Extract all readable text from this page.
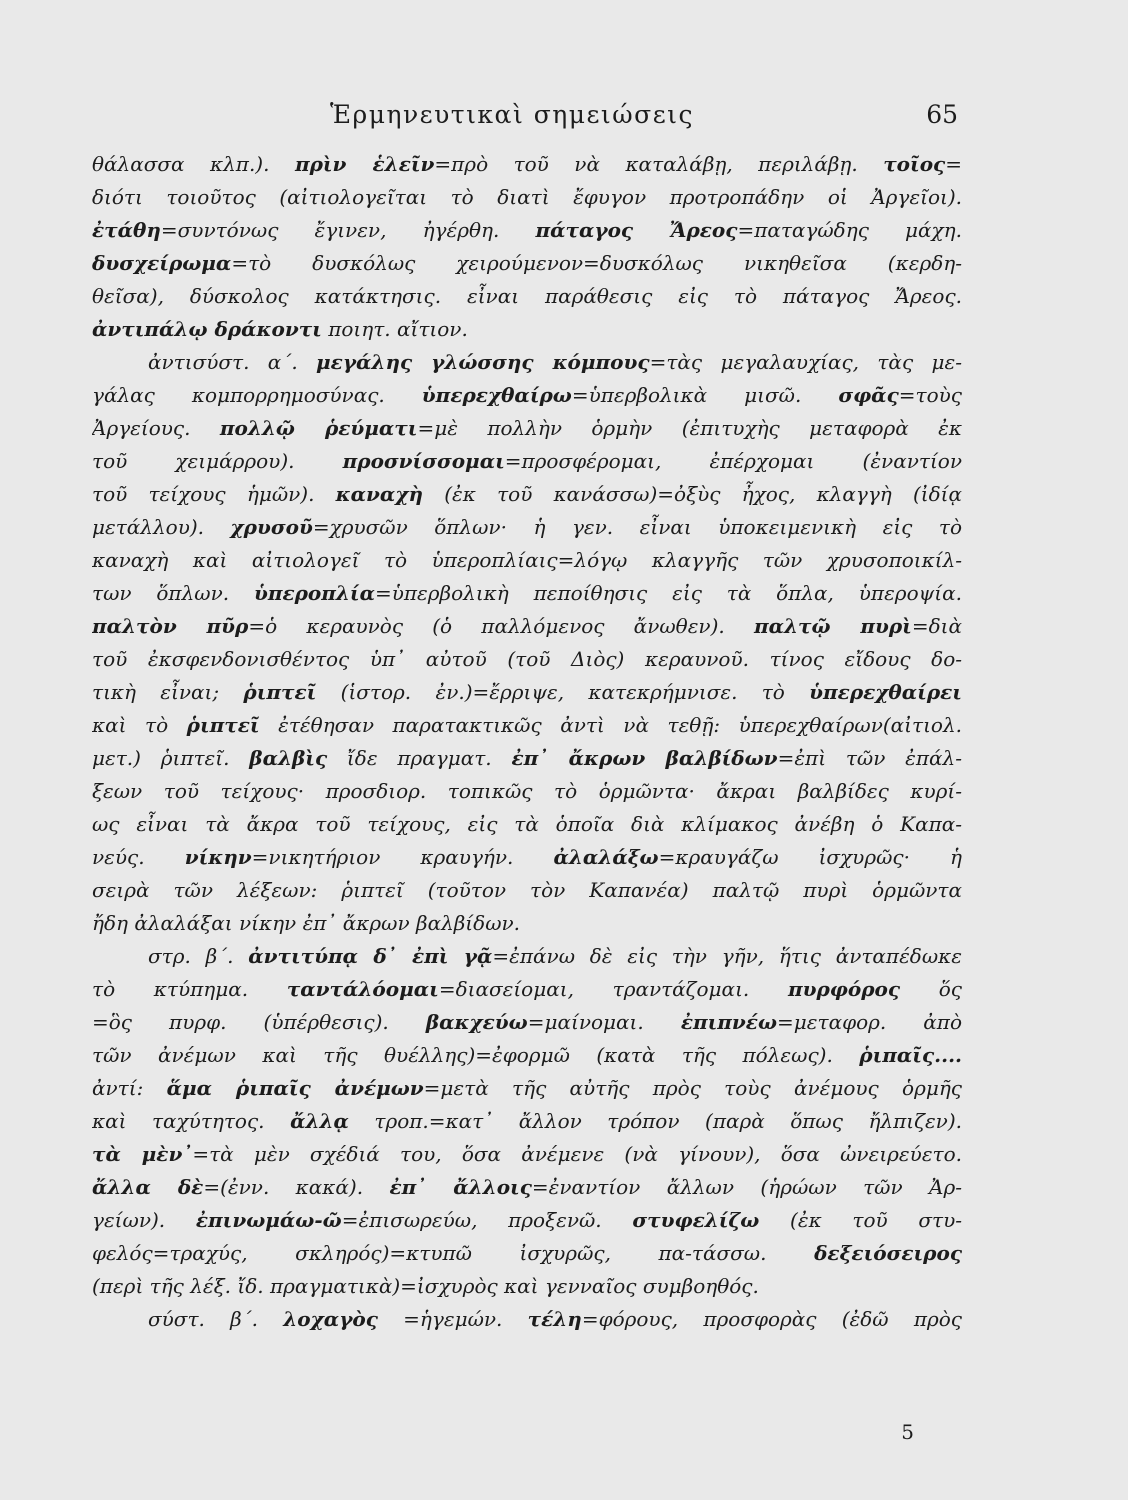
Ἑρμηνευτικαὶ σημειώσεις	65
θάλασσα κλπ.). πρὶν ἑλεῖν=πρὸ τοῦ νὰ καταλάβῃ, περιλάβῃ. τοῖος=
διότι τοιοῦτος (αἰτιολογεῖται τὸ διατὶ ἔφυγον προτροπάδην οἱ Ἀργεῖοι).
ἐτάθη=συντόνως ἔγινεν, ἠγέρθη. πάταγος Ἄρεος=παταγώδης μάχη.
δυσχείρωμα=τὸ δυσκόλως χειρούμενον=δυσκόλως νικηθεῖσα (κερδη-
θεῖσα), δύσκολος κατάκτησις. εἶναι παράθεσις εἰς τὸ πάταγος Ἄρεος.
ἀντιπάλῳ δράκοντι ποιητ. αἴτιον.
ἀντισύστ. α΄. μεγάλης γλώσσης κόμπους=τὰς μεγαλαυχίας, τὰς με-
γάλας κομπορρημοσύνας. ὑπερεχθαίρω=ὑπερβολικὰ μισῶ. σφᾶς=τοὺς
Ἀργείους. πολλῷ ῥεύματι=μὲ πολλὴν ὁρμὴν (ἐπιτυχὴς μεταφορὰ ἐκ
τοῦ χειμάρρου). προσνίσσομαι=προσφέρομαι, ἐπέρχομαι (ἐναντίον
τοῦ τείχους ἡμῶν). καναχὴ (ἐκ τοῦ κανάσσω)=ὀξὺς ἦχος, κλαγγὴ (ἰδίᾳ
μετάλλου). χρυσοῦ=χρυσῶν ὅπλων· ἡ γεν. εἶναι ὑποκειμενικὴ εἰς τὸ
καναχὴ καὶ αἰτιολογεῖ τὸ ὑπεροπλίαις=λόγῳ κλαγγῆς τῶν χρυσοποικίλ-
των ὅπλων. ὑπεροπλία=ὑπερβολικὴ πεποίθησις εἰς τὰ ὅπλα, ὑπεροψία.
παλτὸν πῦρ=ὁ κεραυνὸς (ὁ παλλόμενος ἄνωθεν). παλτῷ πυρὶ=διὰ
τοῦ ἐκσφενδονισθέντος ὑπ᾽ αὐτοῦ (τοῦ Διὸς) κεραυνοῦ. τίνος εἴδους δο-
τικὴ εἶναι; ῥιπτεῖ (ἱστορ. ἐν.)=ἔρριψε, κατεκρήμνισε. τὸ ὑπερεχθαίρει
καὶ τὸ ῥιπτεῖ ἐτέθησαν παρατακτικῶς ἀντὶ νὰ τεθῇ: ὑπερεχθαίρων(αἰτιολ.
μετ.) ῥιπτεῖ. βαλβὶς ἴδε πραγματ. ἐπ᾽ ἄκρων βαλβίδων=ἐπὶ τῶν ἐπάλ-
ξεων τοῦ τείχους· προσδιορ. τοπικῶς τὸ ὁρμῶντα· ἄκραι βαλβίδες κυρί-
ως εἶναι τὰ ἄκρα τοῦ τείχους, εἰς τὰ ὁποῖα διὰ κλίμακος ἀνέβη ὁ Καπα-
νεύς. νίκην=νικητήριον κραυγήν. ἀλαλάξω=κραυγάζω ἰσχυρῶς· ἡ
σειρὰ τῶν λέξεων: ῥιπτεῖ (τοῦτον τὸν Καπανέα) παλτῷ πυρὶ ὁρμῶντα
ἤδη ἀλαλάξαι νίκην ἐπ᾽ ἄκρων βαλβίδων.
στρ. β΄. ἀντιτύπᾳ δ᾽ ἐπὶ γᾷ=ἐπάνω δὲ εἰς τὴν γῆν, ἥτις ἀνταπέδωκε
τὸ κτύπημα. ταντάλόομαι=διασείομαι, τραντάζομαι. πυρφόρος ὅς
=ὃς πυρφ. (ὑπέρθεσις). βακχεύω=μαίνομαι. ἐπιπνέω=μεταφορ. ἀπὸ
τῶν ἀνέμων καὶ τῆς θυέλλης)=ἐφορμῶ (κατὰ τῆς πόλεως). ῥιπαῖς....
ἀντί: ἅμα ῥιπαῖς ἀνέμων=μετὰ τῆς αὐτῆς πρὸς τοὺς ἀνέμους ὁρμῆς
καὶ ταχύτητος. ἄλλᾳ τροπ.=κατ᾽ ἄλλον τρόπον (παρὰ ὅπως ἤλπιζεν).
τὰ μὲν᾽=τὰ μὲν σχέδιά του, ὅσα ἀνέμενε (νὰ γίνουν), ὅσα ὠνειρεύετο.
ἄλλα δὲ=(ἐνν. κακά). ἐπ᾽ ἄλλοις=ἐναντίον ἄλλων (ἡρώων τῶν Ἀρ-
γείων). ἐπινωμάω-ῶ=ἐπισωρεύω, προξενῶ. στυφελίζω (ἐκ τοῦ στυ-
φελός=τραχύς, σκληρός)=κτυπῶ ἰσχυρῶς, πα-τάσσω. δεξειόσειρος
(περὶ τῆς λέξ. ἴδ. πραγματικὰ)=ἰσχυρὸς καὶ γενναῖος συμβοηθός.
σύστ. β΄. λοχαγὸς =ἡγεμών. τέλη=φόρους, προσφορὰς (ἐδῶ πρὸς
5
